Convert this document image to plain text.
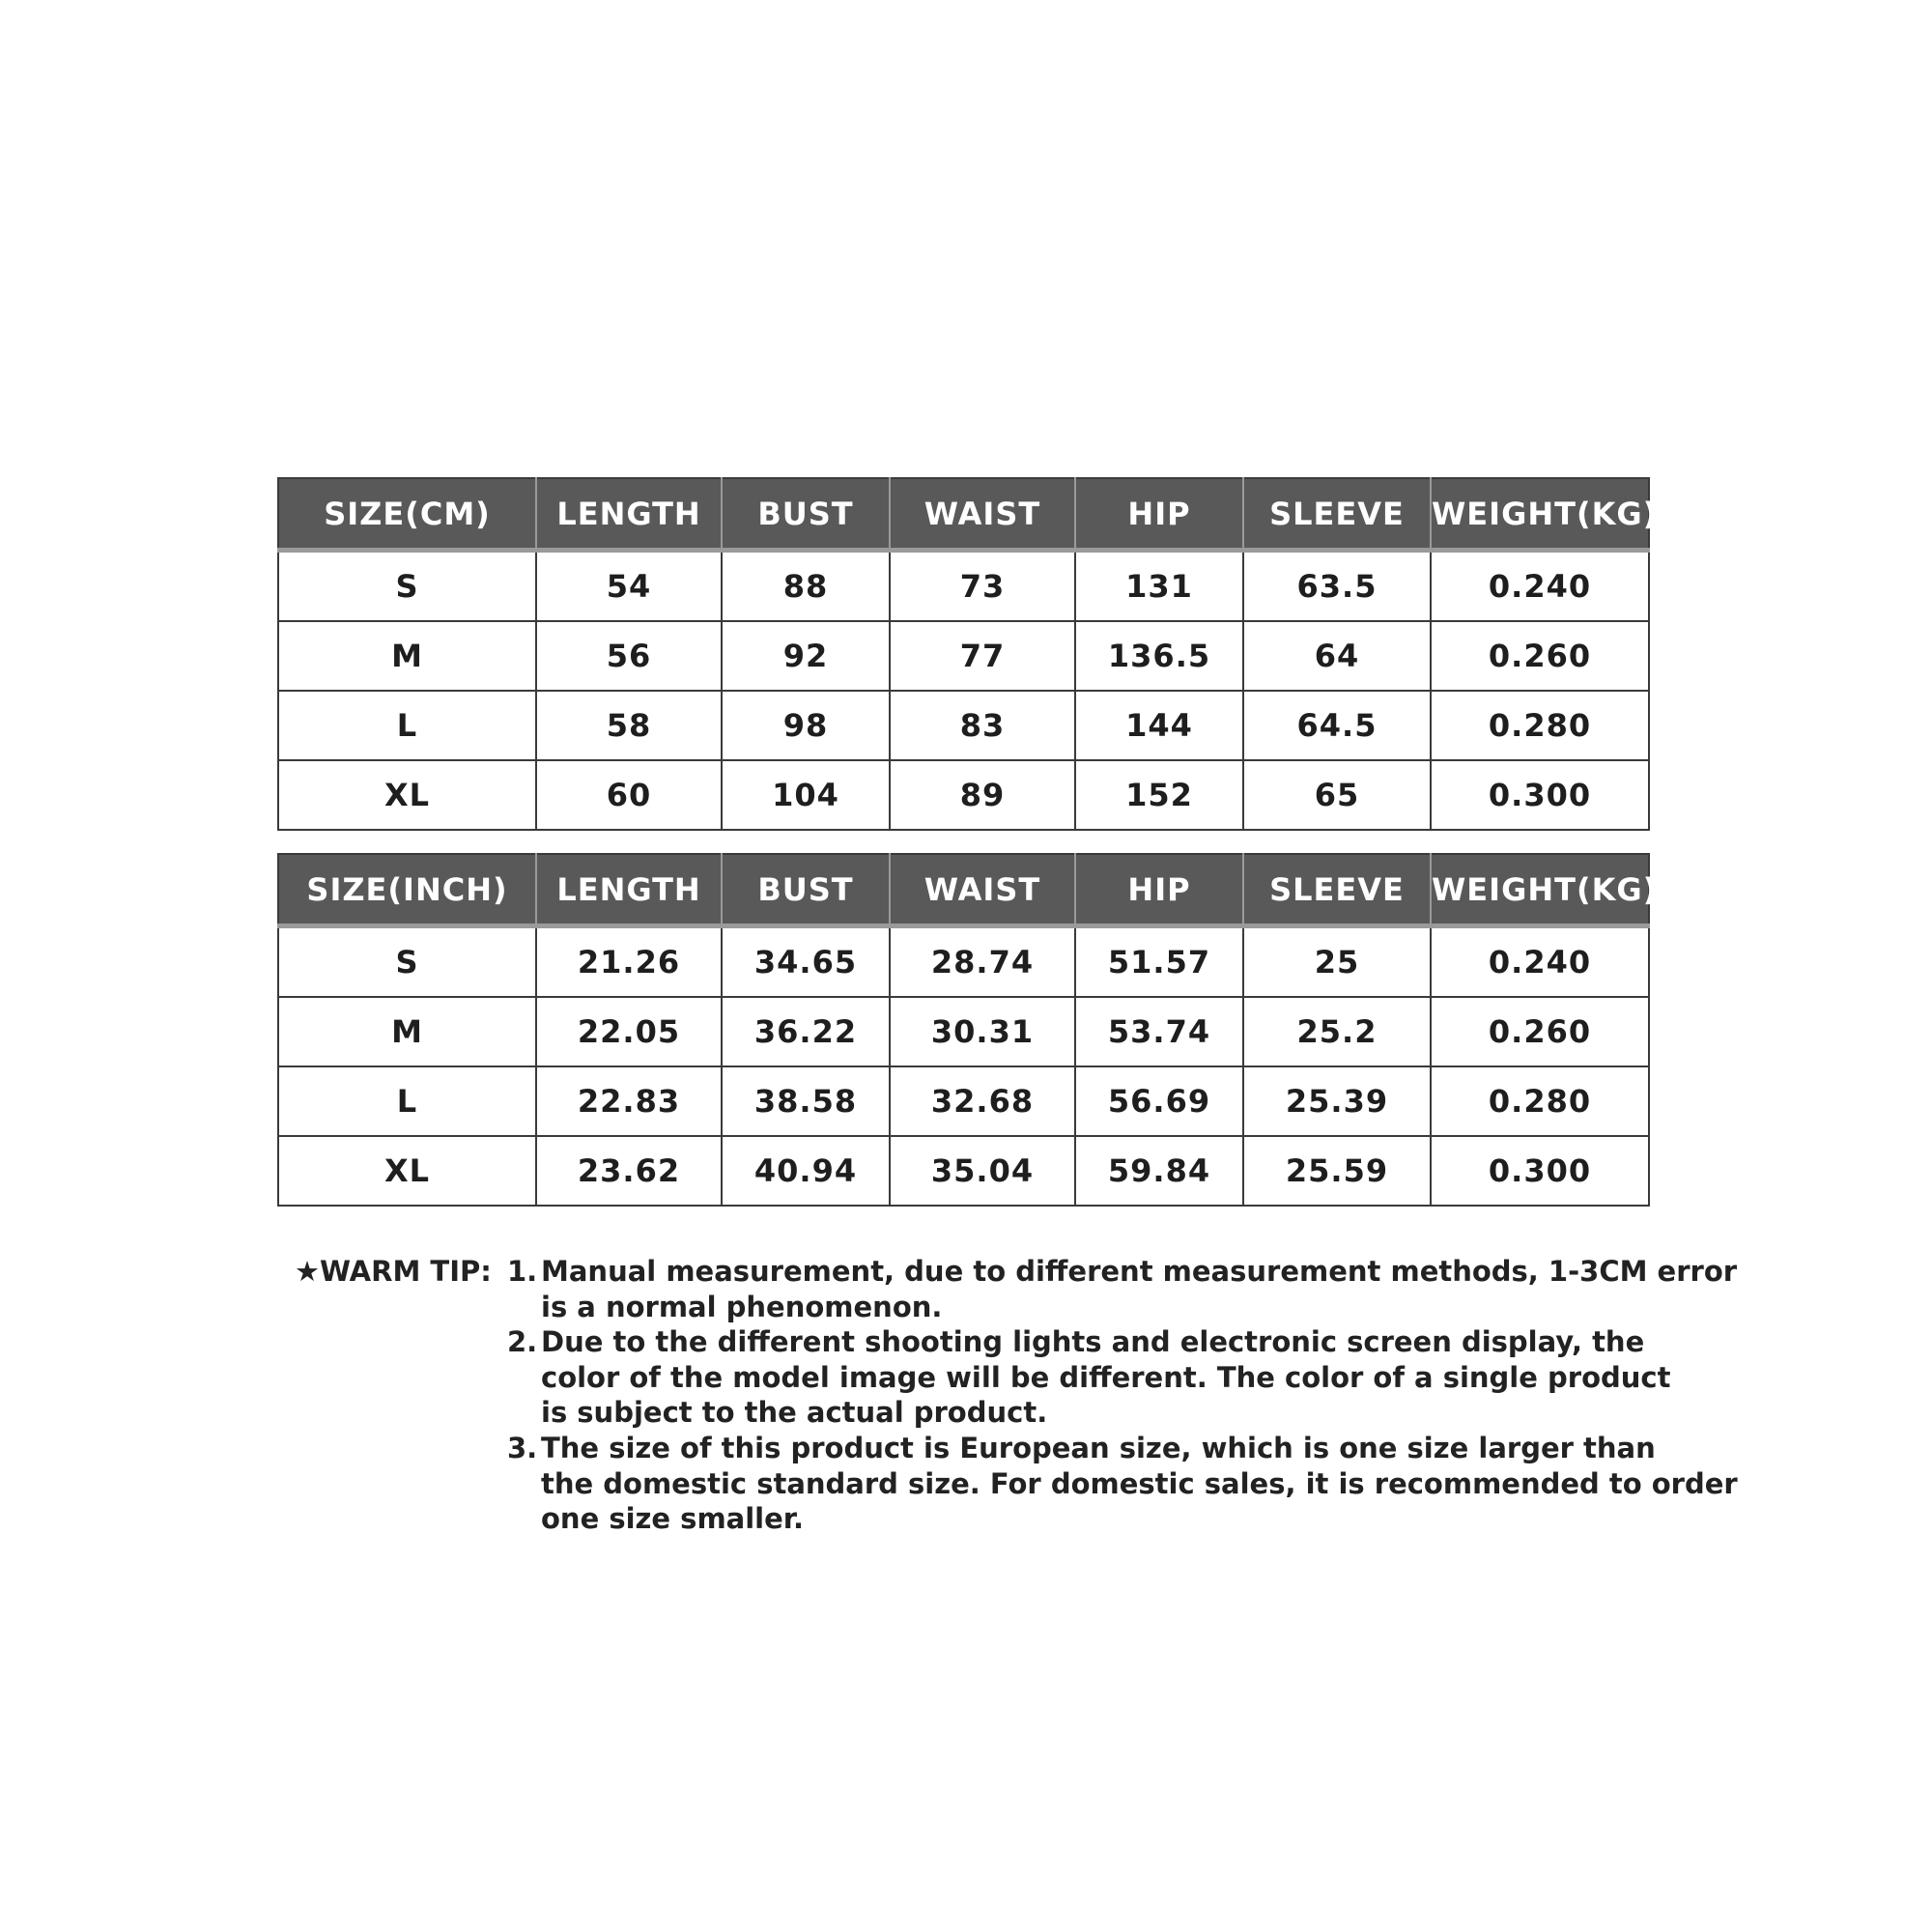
SIZE(CM)	LENGTH	BUST	WAIST	HIP	SLEEVE	WEIGHT(KG)
S	54	88	73	131	63.5	0.240
M	56	92	77	136.5	64	0.260
L	58	98	83	144	64.5	0.280
XL	60	104	89	152	65	0.300
SIZE(INCH)	LENGTH	BUST	WAIST	HIP	SLEEVE	WEIGHT(KG)
S	21.26	34.65	28.74	51.57	25	0.240
M	22.05	36.22	30.31	53.74	25.2	0.260
L	22.83	38.58	32.68	56.69	25.39	0.280
XL	23.62	40.94	35.04	59.84	25.59	0.300
★WARM TIP: 1. Manual measurement, due to different measurement methods, 1-3CM error
is a normal phenomenon.
2. Due to the different shooting lights and electronic screen display, the
color of the model image will be different. The color of a single product
is subject to the actual product.
3. The size of this product is European size, which is one size larger than
the domestic standard size. For domestic sales, it is recommended to order
one size smaller.
